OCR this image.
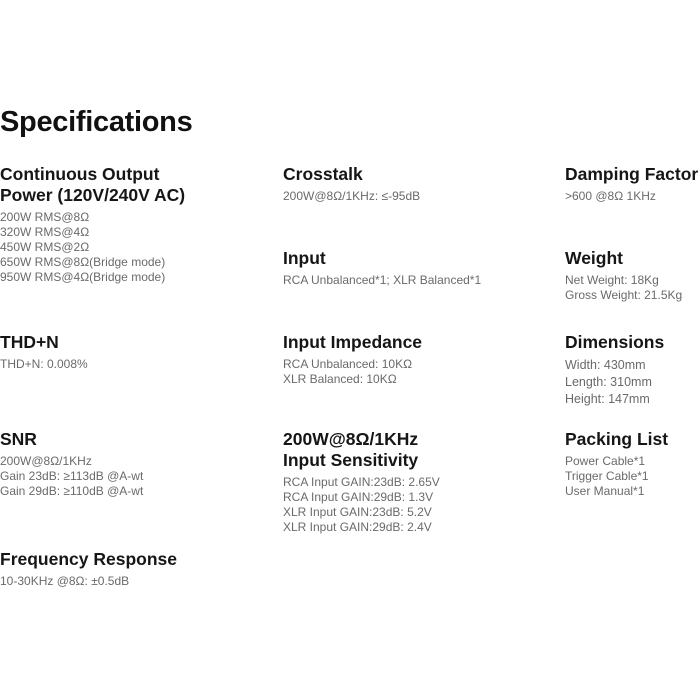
Specifications
Continuous Output
Power (120V/240V AC)
200W RMS@8Ω
320W RMS@4Ω
450W RMS@2Ω
650W RMS@8Ω(Bridge mode)
950W RMS@4Ω(Bridge mode)
THD+N
THD+N: 0.008%
SNR
200W@8Ω/1KHz
Gain 23dB: ≥113dB @A-wt
Gain 29dB: ≥110dB @A-wt
Frequency Response
10-30KHz @8Ω: ±0.5dB
Crosstalk
200W@8Ω/1KHz: ≤-95dB
Input
RCA Unbalanced*1; XLR Balanced*1
Input Impedance
RCA Unbalanced: 10KΩ
XLR Balanced: 10KΩ
200W@8Ω/1KHz
Input Sensitivity
RCA Input GAIN:23dB: 2.65V
RCA Input GAIN:29dB: 1.3V
XLR Input GAIN:23dB: 5.2V
XLR Input GAIN:29dB: 2.4V
Damping Factor
>600 @8Ω 1KHz
Weight
Net Weight: 18Kg
Gross Weight: 21.5Kg
Dimensions
Width: 430mm
Length: 310mm
Height: 147mm
Packing List
Power Cable*1
Trigger Cable*1
User Manual*1
